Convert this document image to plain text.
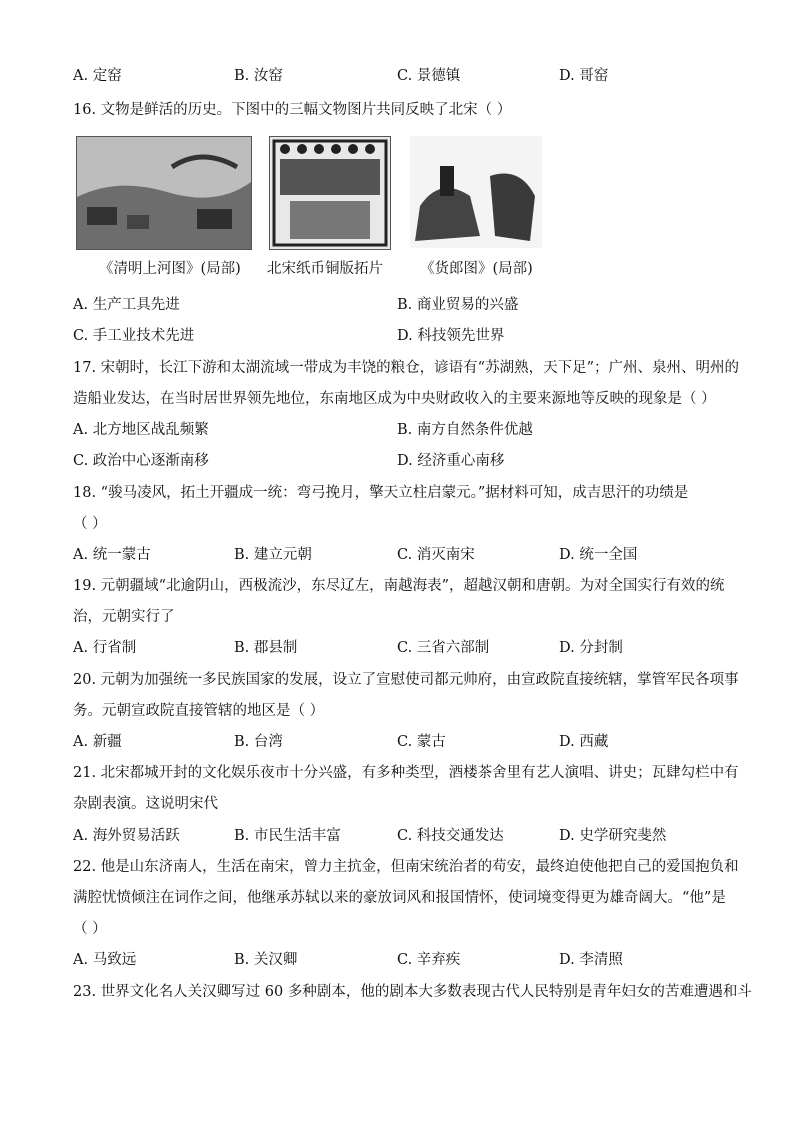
A. 定窑	B. 汝窑	C. 景德镇	D. 哥窑
16. 文物是鲜活的历史。下图中的三幅文物图片共同反映了北宋（ ）
《清明上河图》(局部) 北宋纸币铜版拓片	《货郎图》(局部)
A. 生产工具先进	B. 商业贸易的兴盛
C. 手工业技术先进	D. 科技领先世界
17. 宋朝时，长江下游和太湖流域一带成为丰饶的粮仓，谚语有“苏湖熟，天下足”；广州、泉州、明州的
造船业发达，在当时居世界领先地位，东南地区成为中央财政收入的主要来源地等反映的现象是（ ）
A. 北方地区战乱频繁	B. 南方自然条件优越
C. 政治中心逐渐南移	D. 经济重心南移
18. “骏马凌风，拓土开疆成一统：弯弓挽月，擎天立柱启蒙元。”据材料可知，成吉思汗的功绩是
（ ）
A. 统一蒙古	B. 建立元朝	C. 消灭南宋	D. 统一全国
19. 元朝疆域“北逾阴山，西极流沙，东尽辽左，南越海表”，超越汉朝和唐朝。为对全国实行有效的统
治，元朝实行了
A. 行省制	B. 郡县制	C. 三省六部制	D. 分封制
20. 元朝为加强统一多民族国家的发展，设立了宣慰使司都元帅府，由宣政院直接统辖，掌管军民各项事
务。元朝宣政院直接管辖的地区是（ ）
A. 新疆	B. 台湾	C. 蒙古	D. 西藏
21. 北宋都城开封的文化娱乐夜市十分兴盛，有多种类型，酒楼茶舍里有艺人演唱、讲史；瓦肆勾栏中有
杂剧表演。这说明宋代
A. 海外贸易活跃	B. 市民生活丰富	C. 科技交通发达	D. 史学研究斐然
22. 他是山东济南人，生活在南宋，曾力主抗金，但南宋统治者的苟安，最终迫使他把自己的爱国抱负和
满腔忧愤倾注在词作之间，他继承苏轼以来的豪放词风和报国情怀，使词境变得更为雄奇阔大。“他”是
（ ）
A. 马致远	B. 关汉卿	C. 辛弃疾	D. 李清照
23. 世界文化名人关汉卿写过 60 多种剧本，他的剧本大多数表现古代人民特别是青年妇女的苦难遭遇和斗
